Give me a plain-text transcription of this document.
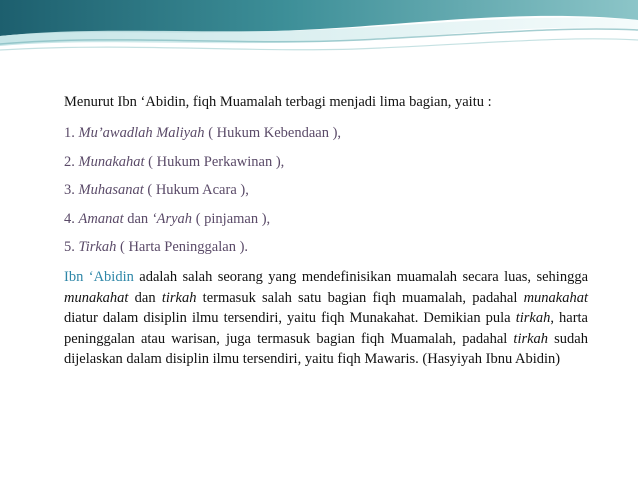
Menurut Ibn ‘Abidin, fiqh Muamalah terbagi menjadi lima bagian, yaitu :
1. Mu’awadlah Maliyah ( Hukum Kebendaan ),
2. Munakahat ( Hukum Perkawinan ),
3. Muhasanat ( Hukum Acara ),
4. Amanat dan ‘Aryah ( pinjaman ),
5. Tirkah ( Harta Peninggalan ).

Ibn ‘Abidin adalah salah seorang yang mendefinisikan muamalah secara luas, sehingga munakahat dan tirkah termasuk salah satu bagian fiqh muamalah, padahal munakahat diatur dalam disiplin ilmu tersendiri, yaitu fiqh Munakahat. Demikian pula tirkah, harta peninggalan atau warisan, juga termasuk bagian fiqh Muamalah, padahal tirkah sudah dijelaskan dalam disiplin ilmu tersendiri, yaitu fiqh Mawaris. (Hasyiyah Ibnu Abidin)
